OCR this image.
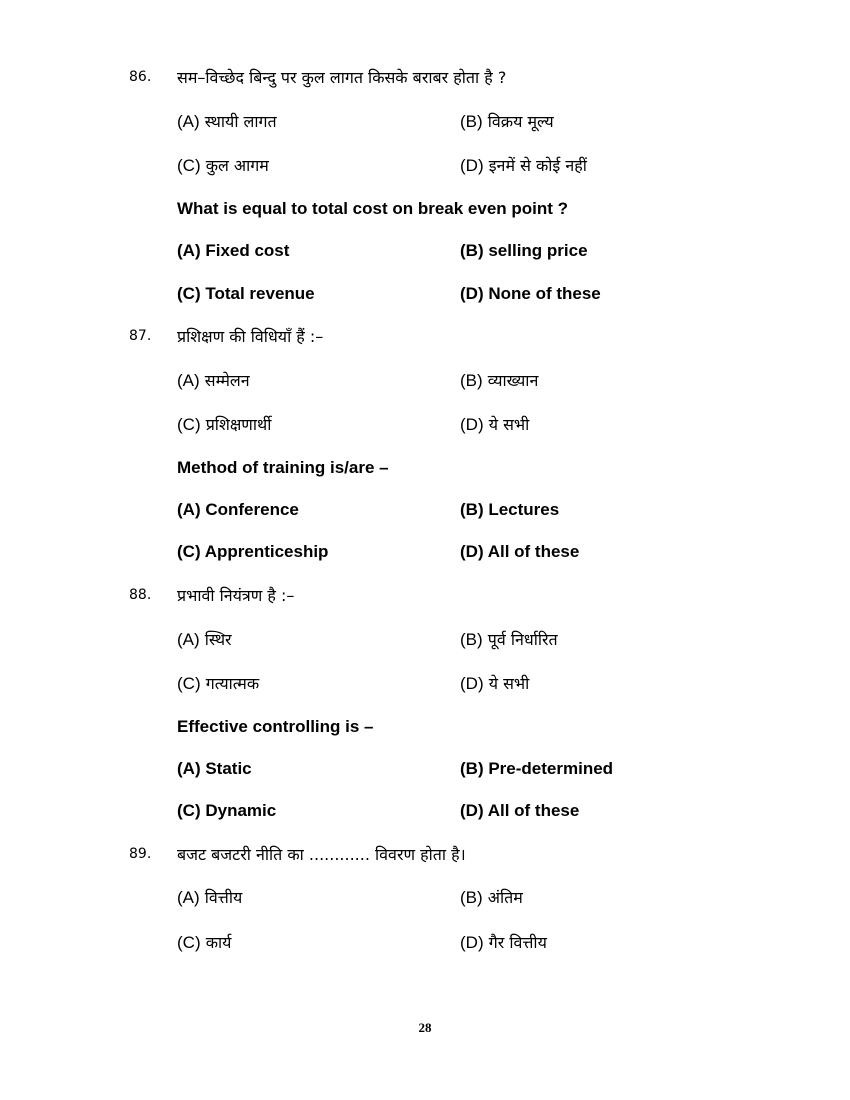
86. सम–विच्छेद बिन्दु पर कुल लागत किसके बराबर होता है ?
(A) स्थायी लागत	(B) विक्रय मूल्य
(C) कुल आगम	(D) इनमें से कोई नहीं
What is equal to total cost on break even point ?
(A) Fixed cost	(B) selling price
(C) Total revenue	(D) None of these
87. प्रशिक्षण की विधियाँ हैं :–
(A) सम्मेलन	(B) व्याख्यान
(C) प्रशिक्षणार्थी	(D) ये सभी
Method of training is/are –
(A) Conference	(B) Lectures
(C) Apprenticeship	(D) All of these
88. प्रभावी नियंत्रण है :–
(A) स्थिर	(B) पूर्व निर्धारित
(C) गत्यात्मक	(D) ये सभी
Effective controlling is –
(A) Static	(B) Pre-determined
(C) Dynamic	(D) All of these
89. बजट बजटरी नीति का ............ विवरण होता है।
(A) वित्तीय	(B) अंतिम
(C) कार्य	(D) गैर वित्तीय
28
